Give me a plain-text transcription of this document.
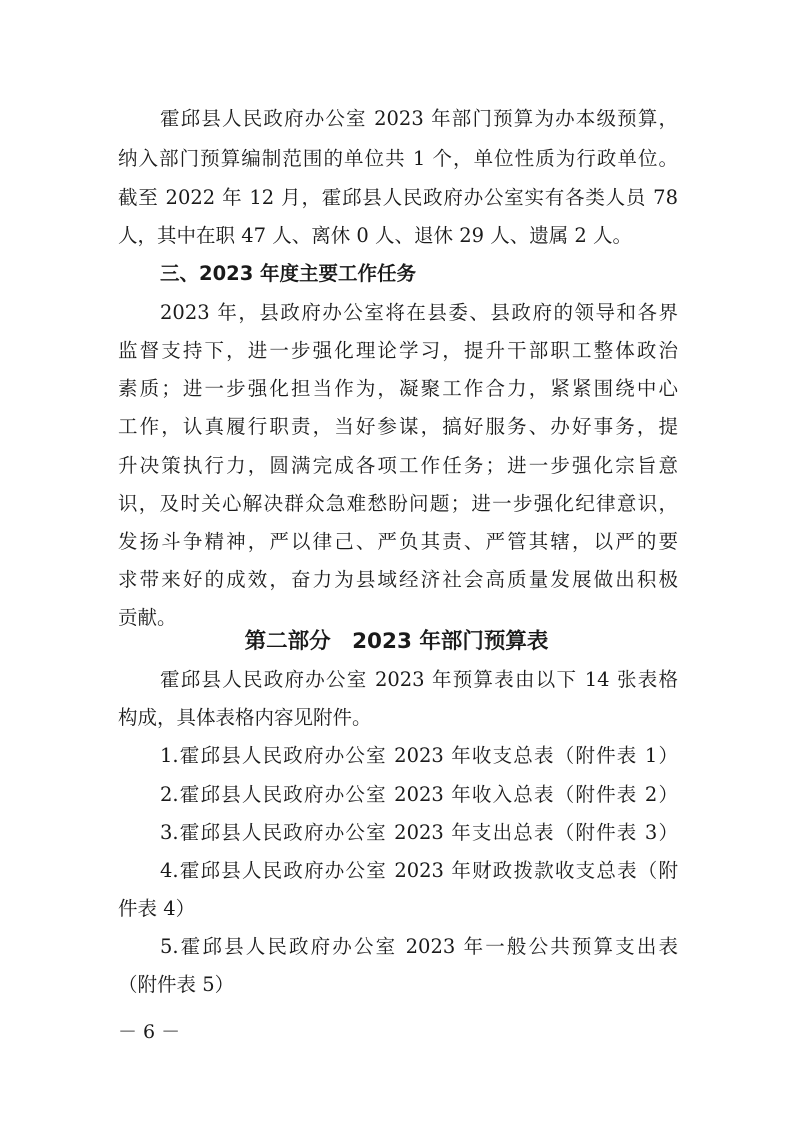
霍邱县人民政府办公室 2023 年部门预算为办本级预算，
纳入部门预算编制范围的单位共 1 个，单位性质为行政单位。
截至 2022 年 12 月，霍邱县人民政府办公室实有各类人员 78
人，其中在职 47 人、离休 0 人、退休 29 人、遗属 2 人。
三、2023 年度主要工作任务
2023 年，县政府办公室将在县委、县政府的领导和各界
监督支持下，进一步强化理论学习，提升干部职工整体政治
素质；进一步强化担当作为，凝聚工作合力，紧紧围绕中心
工作，认真履行职责，当好参谋，搞好服务、办好事务，提
升决策执行力，圆满完成各项工作任务；进一步强化宗旨意
识，及时关心解决群众急难愁盼问题；进一步强化纪律意识，
发扬斗争精神，严以律己、严负其责、严管其辖，以严的要
求带来好的成效，奋力为县域经济社会高质量发展做出积极
贡献。
第二部分　2023 年部门预算表
霍邱县人民政府办公室 2023 年预算表由以下 14 张表格
构成，具体表格内容见附件。
1.霍邱县人民政府办公室 2023 年收支总表（附件表 1）
2.霍邱县人民政府办公室 2023 年收入总表（附件表 2）
3.霍邱县人民政府办公室 2023 年支出总表（附件表 3）
4.霍邱县人民政府办公室 2023 年财政拨款收支总表（附
件表 4）
5.霍邱县人民政府办公室 2023 年一般公共预算支出表
（附件表 5）
－ 6 －
